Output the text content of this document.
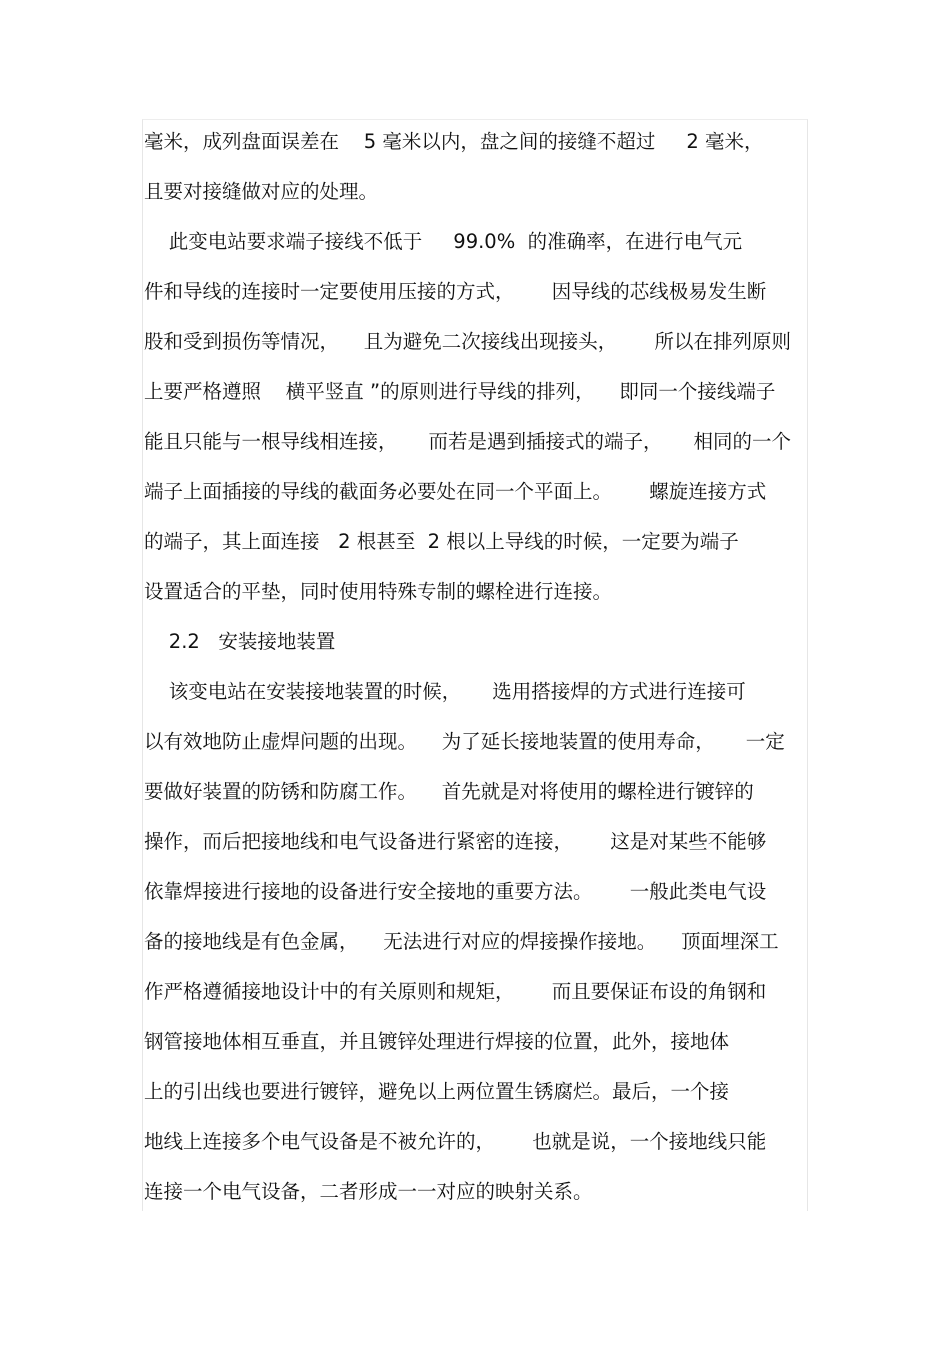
毫米，成列盘面误差在    5 毫米以内，盘之间的接缝不超过     2 毫米，
且要对接缝做对应的处理。
此变电站要求端子接线不低于     99.0%  的准确率，在进行电气元
件和导线的连接时一定要使用压接的方式，      因导线的芯线极易发生断
股和受到损伤等情况，    且为避免二次接线出现接头，      所以在排列原则
上要严格遵照    横平竖直 ”的原则进行导线的排列，    即同一个接线端子
能且只能与一根导线相连接，     而若是遇到插接式的端子，     相同的一个
端子上面插接的导线的截面务必要处在同一个平面上。      螺旋连接方式
的端子，其上面连接   2 根甚至  2 根以上导线的时候，一定要为端子
设置适合的平垫，同时使用特殊专制的螺栓进行连接。
2.2   安装接地装置
该变电站在安装接地装置的时候，     选用搭接焊的方式进行连接可
以有效地防止虚焊问题的出现。    为了延长接地装置的使用寿命，     一定
要做好装置的防锈和防腐工作。    首先就是对将使用的螺栓进行镀锌的
操作，而后把接地线和电气设备进行紧密的连接，      这是对某些不能够
依靠焊接进行接地的设备进行安全接地的重要方法。      一般此类电气设
备的接地线是有色金属，    无法进行对应的焊接操作接地。    顶面埋深工
作严格遵循接地设计中的有关原则和规矩，      而且要保证布设的角钢和
钢管接地体相互垂直，并且镀锌处理进行焊接的位置，此外，接地体
上的引出线也要进行镀锌，避免以上两位置生锈腐烂。最后，一个接
地线上连接多个电气设备是不被允许的，      也就是说，一个接地线只能
连接一个电气设备，二者形成一一对应的映射关系。
